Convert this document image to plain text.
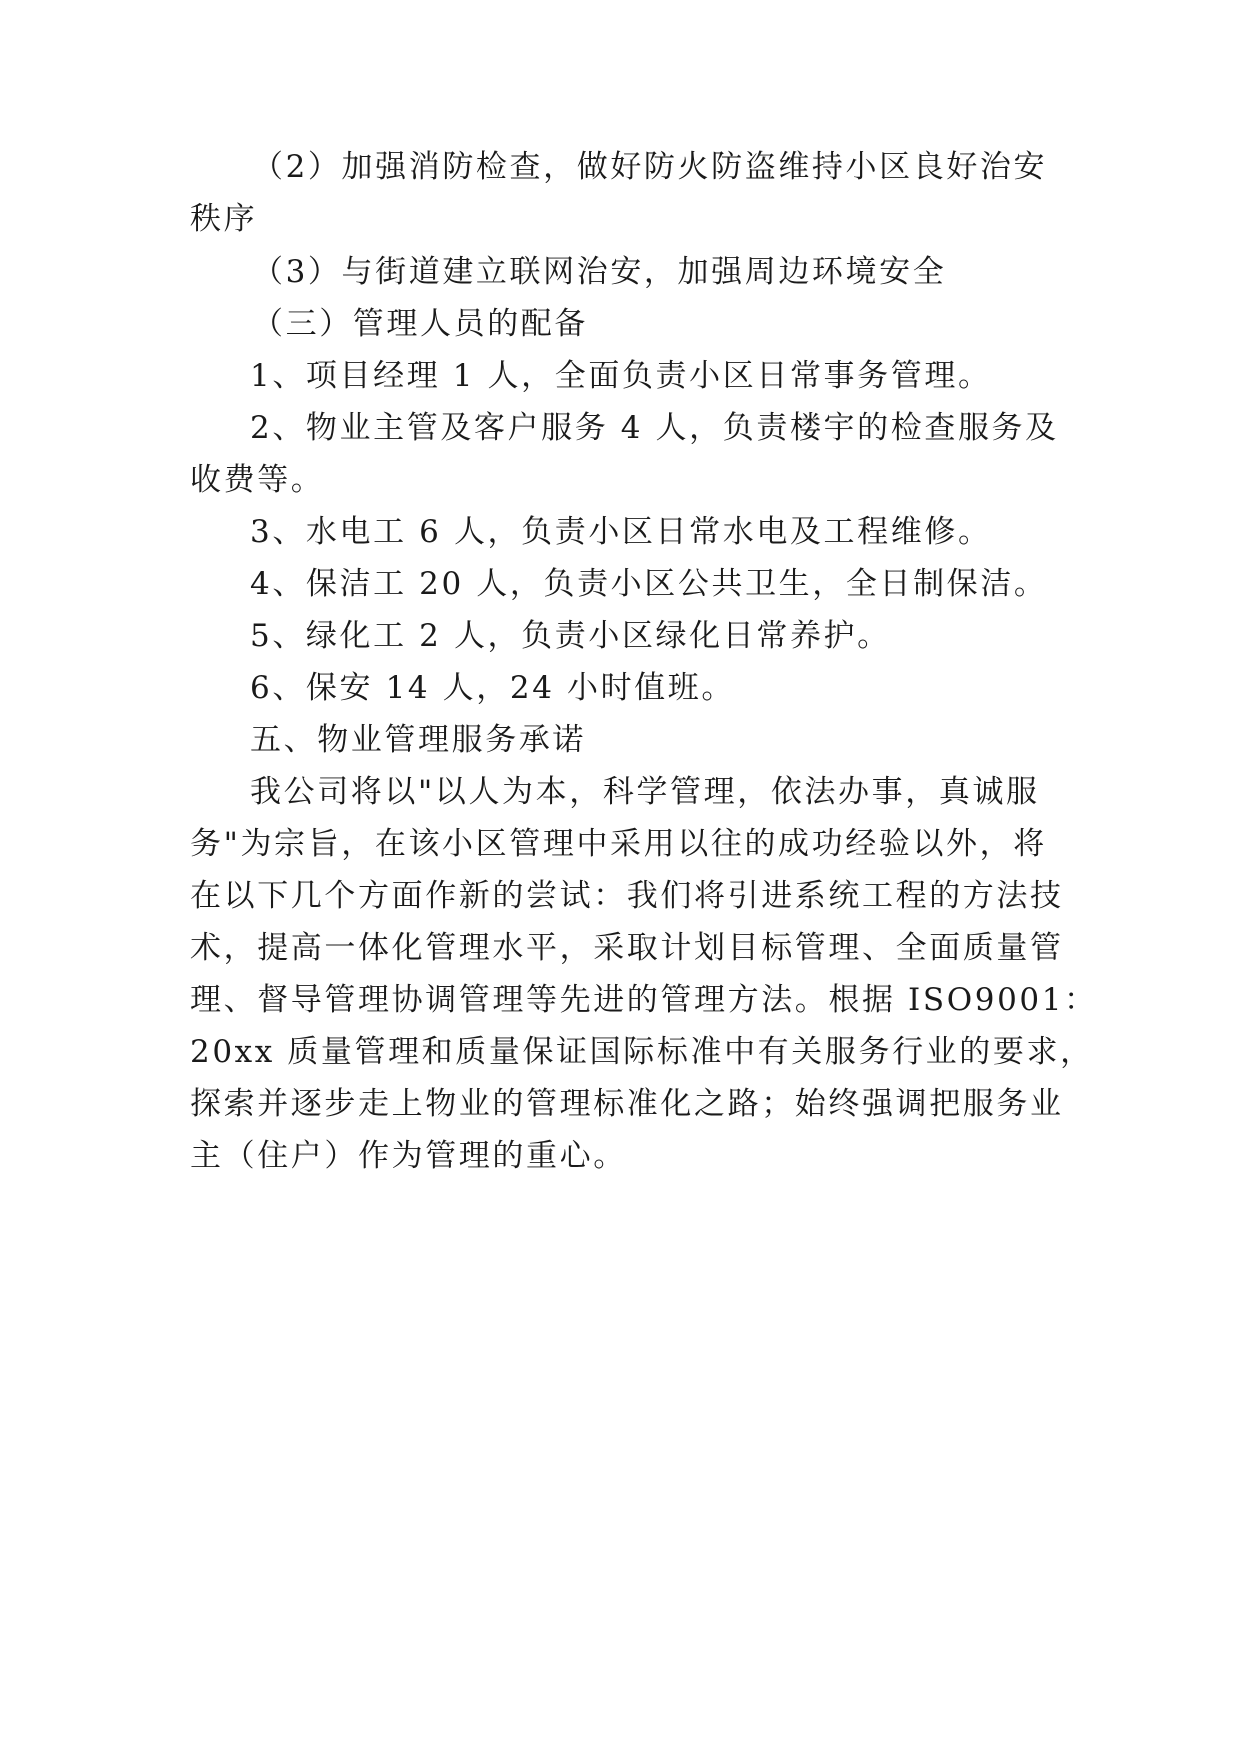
（2）加强消防检查，做好防火防盗维持小区良好治安
秩序
（3）与街道建立联网治安，加强周边环境安全
（三）管理人员的配备
1、项目经理 1 人，全面负责小区日常事务管理。
2、物业主管及客户服务 4 人，负责楼宇的检查服务及
收费等。
3、水电工 6 人，负责小区日常水电及工程维修。
4、保洁工 20 人，负责小区公共卫生，全日制保洁。
5、绿化工 2 人，负责小区绿化日常养护。
6、保安 14 人，24 小时值班。
五、物业管理服务承诺
我公司将以"以人为本，科学管理，依法办事，真诚服
务"为宗旨，在该小区管理中采用以往的成功经验以外，将
在以下几个方面作新的尝试：我们将引进系统工程的方法技
术，提高一体化管理水平，采取计划目标管理、全面质量管
理、督导管理协调管理等先进的管理方法。根据 ISO9001：
20xx 质量管理和质量保证国际标准中有关服务行业的要求，
探索并逐步走上物业的管理标准化之路；始终强调把服务业
主（住户）作为管理的重心。
